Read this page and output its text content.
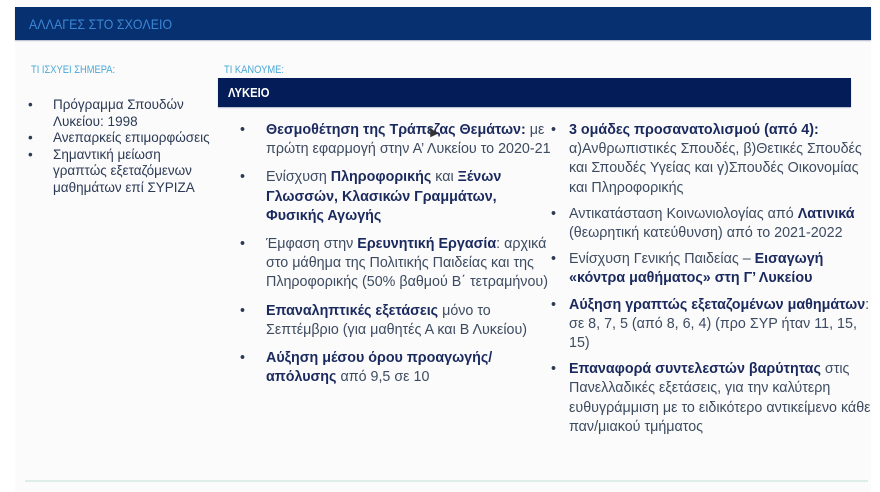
ΑΛΛΑΓΕΣ ΣΤΟ ΣΧΟΛΕΙΟ
ΤΙ ΙΣΧΥΕΙ ΣΗΜΕΡΑ:
• Πρόγραμμα Σπουδών Λυκείου: 1998
• Ανεπαρκείς επιμορφώσεις
• Σημαντική μείωση γραπτώς εξεταζόμενων μαθημάτων επί ΣΥΡΙΖΑ
ΤΙ ΚΑΝΟΥΜΕ:
ΛΥΚΕΙΟ
• Θεσμοθέτηση της Τράπεζας Θεμάτων: με πρώτη εφαρμογή στην Α’ Λυκείου το 2020-21
• Ενίσχυση Πληροφορικής και Ξένων Γλωσσών, Κλασικών Γραμμάτων, Φυσικής Αγωγής
• Έμφαση στην Ερευνητική Εργασία: αρχικά στο μάθημα της Πολιτικής Παιδείας και της Πληροφορικής (50% βαθμού Β΄ τετραμήνου)
• Επαναληπτικές εξετάσεις μόνο το Σεπτέμβριο (για μαθητές Α και Β Λυκείου)
• Αύξηση μέσου όρου προαγωγής/απόλυσης από 9,5 σε 10
• 3 ομάδες προσανατολισμού (από 4): α)Ανθρωπιστικές Σπουδές, β)Θετικές Σπουδές και Σπουδές Υγείας και γ)Σπουδές Οικονομίας και Πληροφορικής
• Αντικατάσταση Κοινωνιολογίας από Λατινικά (θεωρητική κατεύθυνση) από το 2021-2022
• Ενίσχυση Γενικής Παιδείας – Εισαγωγή «κόντρα μαθήματος» στη Γ’ Λυκείου
• Αύξηση γραπτώς εξεταζομένων μαθημάτων: σε 8, 7, 5 (από 8, 6, 4) (προ ΣΥΡ ήταν 11, 15, 15)
• Επαναφορά συντελεστών βαρύτητας στις Πανελλαδικές εξετάσεις, για την καλύτερη ευθυγράμμιση με το ειδικότερο αντικείμενο κάθε παν/μιακού τμήματος
